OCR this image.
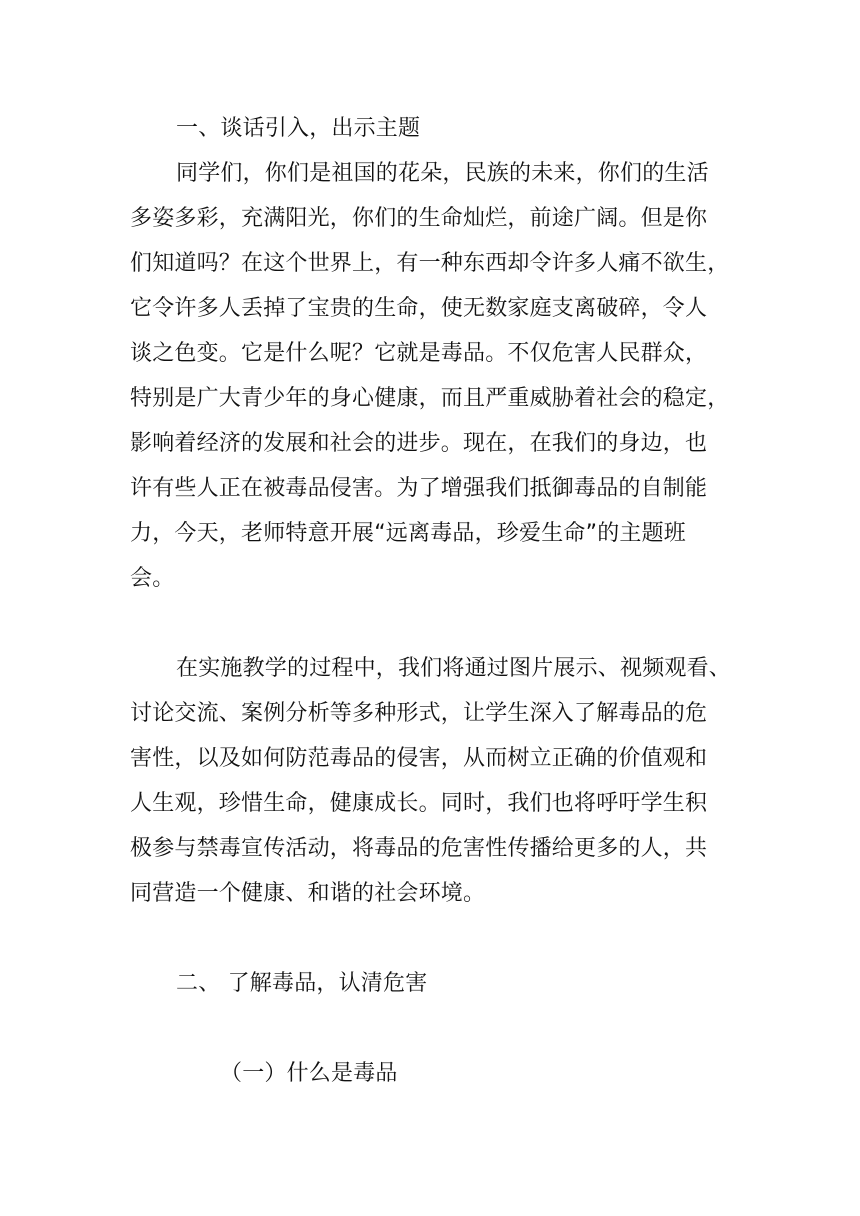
一、谈话引入，出示主题
同学们，你们是祖国的花朵，民族的未来，你们的生活
多姿多彩，充满阳光，你们的生命灿烂，前途广阔。但是你
们知道吗？在这个世界上，有一种东西却令许多人痛不欲生，
它令许多人丢掉了宝贵的生命，使无数家庭支离破碎，令人
谈之色变。它是什么呢？它就是毒品。不仅危害人民群众，
特别是广大青少年的身心健康，而且严重威胁着社会的稳定，
影响着经济的发展和社会的进步。现在，在我们的身边，也
许有些人正在被毒品侵害。为了增强我们抵御毒品的自制能
力，今天，老师特意开展“远离毒品，珍爱生命”的主题班
会。
在实施教学的过程中，我们将通过图片展示、视频观看、
讨论交流、案例分析等多种形式，让学生深入了解毒品的危
害性，以及如何防范毒品的侵害，从而树立正确的价值观和
人生观，珍惜生命，健康成长。同时，我们也将呼吁学生积
极参与禁毒宣传活动，将毒品的危害性传播给更多的人，共
同营造一个健康、和谐的社会环境。
二、 了解毒品，认清危害
（一）什么是毒品
